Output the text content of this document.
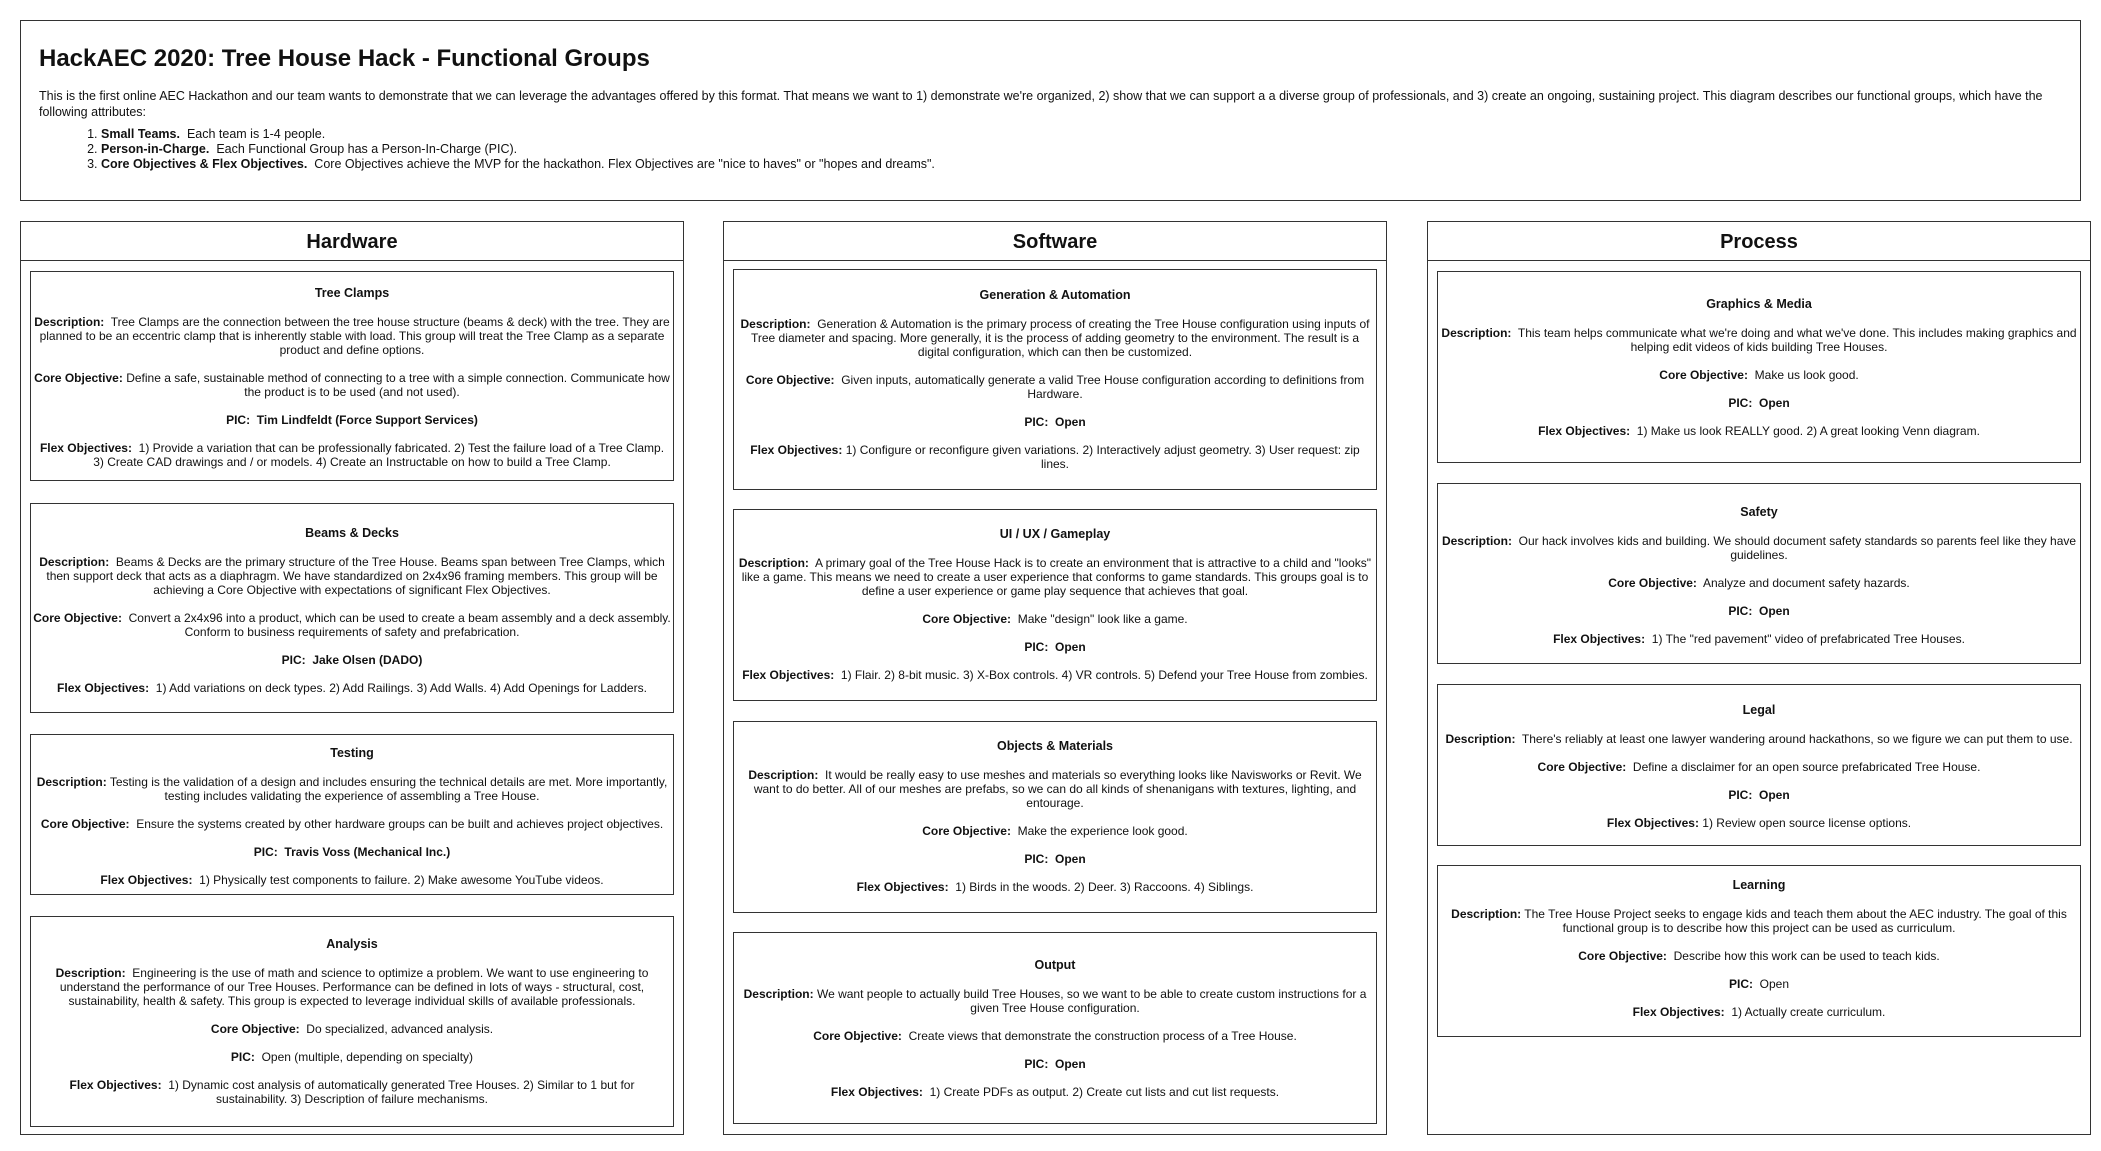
HackAEC 2020: Tree House Hack - Functional Groups

This is the first online AEC Hackathon and our team wants to demonstrate that we can leverage the advantages offered by this format. That means we want to 1) demonstrate we're organized, 2) show that we can support a a diverse group of professionals, and 3) create an ongoing, sustaining project. This diagram describes our functional groups, which have the following attributes:

1. Small Teams. Each team is 1-4 people.
2. Person-in-Charge. Each Functional Group has a Person-In-Charge (PIC).
3. Core Objectives & Flex Objectives. Core Objectives achieve the MVP for the hackathon. Flex Objectives are "nice to haves" or "hopes and dreams".
Hardware
Tree Clamps

Description: Tree Clamps are the connection between the tree house structure (beams & deck) with the tree. They are planned to be an eccentric clamp that is inherently stable with load. This group will treat the Tree Clamp as a separate product and define options.

Core Objective: Define a safe, sustainable method of connecting to a tree with a simple connection. Communicate how the product is to be used (and not used).

PIC: Tim Lindfeldt (Force Support Services)

Flex Objectives: 1) Provide a variation that can be professionally fabricated. 2) Test the failure load of a Tree Clamp. 3) Create CAD drawings and / or models. 4) Create an Instructable on how to build a Tree Clamp.

Beams & Decks

Description: Beams & Decks are the primary structure of the Tree House. Beams span between Tree Clamps, which then support deck that acts as a diaphragm. We have standardized on 2x4x96 framing members. This group will be achieving a Core Objective with expectations of significant Flex Objectives.

Core Objective: Convert a 2x4x96 into a product, which can be used to create a beam assembly and a deck assembly. Conform to business requirements of safety and prefabrication.

PIC: Jake Olsen (DADO)

Flex Objectives: 1) Add variations on deck types. 2) Add Railings. 3) Add Walls. 4) Add Openings for Ladders.

Testing

Description: Testing is the validation of a design and includes ensuring the technical details are met. More importantly, testing includes validating the experience of assembling a Tree House.

Core Objective: Ensure the systems created by other hardware groups can be built and achieves project objectives.

PIC: Travis Voss (Mechanical Inc.)

Flex Objectives: 1) Physically test components to failure. 2) Make awesome YouTube videos.

Analysis

Description: Engineering is the use of math and science to optimize a problem. We want to use engineering to understand the performance of our Tree Houses. Performance can be defined in lots of ways - structural, cost, sustainability, health & safety. This group is expected to leverage individual skills of available professionals.

Core Objective: Do specialized, advanced analysis.

PIC: Open (multiple, depending on specialty)

Flex Objectives: 1) Dynamic cost analysis of automatically generated Tree Houses. 2) Similar to 1 but for sustainability. 3) Description of failure mechanisms.

Software
Generation & Automation

Description: Generation & Automation is the primary process of creating the Tree House configuration using inputs of Tree diameter and spacing. More generally, it is the process of adding geometry to the environment. The result is a digital configuration, which can then be customized.

Core Objective: Given inputs, automatically generate a valid Tree House configuration according to definitions from Hardware.

PIC: Open

Flex Objectives: 1) Configure or reconfigure given variations. 2) Interactively adjust geometry. 3) User request: zip lines.

UI / UX / Gameplay

Description: A primary goal of the Tree House Hack is to create an environment that is attractive to a child and "looks" like a game. This means we need to create a user experience that conforms to game standards. This groups goal is to define a user experience or game play sequence that achieves that goal.

Core Objective: Make "design" look like a game.

PIC: Open

Flex Objectives: 1) Flair. 2) 8-bit music. 3) X-Box controls. 4) VR controls. 5) Defend your Tree House from zombies.

Objects & Materials

Description: It would be really easy to use meshes and materials so everything looks like Navisworks or Revit. We want to do better. All of our meshes are prefabs, so we can do all kinds of shenanigans with textures, lighting, and entourage.

Core Objective: Make the experience look good.

PIC: Open

Flex Objectives: 1) Birds in the woods. 2) Deer. 3) Raccoons. 4) Siblings.

Output

Description: We want people to actually build Tree Houses, so we want to be able to create custom instructions for a given Tree House configuration.

Core Objective: Create views that demonstrate the construction process of a Tree House.

PIC: Open

Flex Objectives: 1) Create PDFs as output. 2) Create cut lists and cut list requests.

Process
Graphics & Media

Description: This team helps communicate what we're doing and what we've done. This includes making graphics and helping edit videos of kids building Tree Houses.

Core Objective: Make us look good.

PIC: Open

Flex Objectives: 1) Make us look REALLY good. 2) A great looking Venn diagram.

Safety

Description: Our hack involves kids and building. We should document safety standards so parents feel like they have guidelines.

Core Objective: Analyze and document safety hazards.

PIC: Open

Flex Objectives: 1) The "red pavement" video of prefabricated Tree Houses.

Legal

Description: There's reliably at least one lawyer wandering around hackathons, so we figure we can put them to use.

Core Objective: Define a disclaimer for an open source prefabricated Tree House.

PIC: Open

Flex Objectives: 1) Review open source license options.

Learning

Description: The Tree House Project seeks to engage kids and teach them about the AEC industry. The goal of this functional group is to describe how this project can be used as curriculum.

Core Objective: Describe how this work can be used to teach kids.

PIC: Open

Flex Objectives: 1) Actually create curriculum.
